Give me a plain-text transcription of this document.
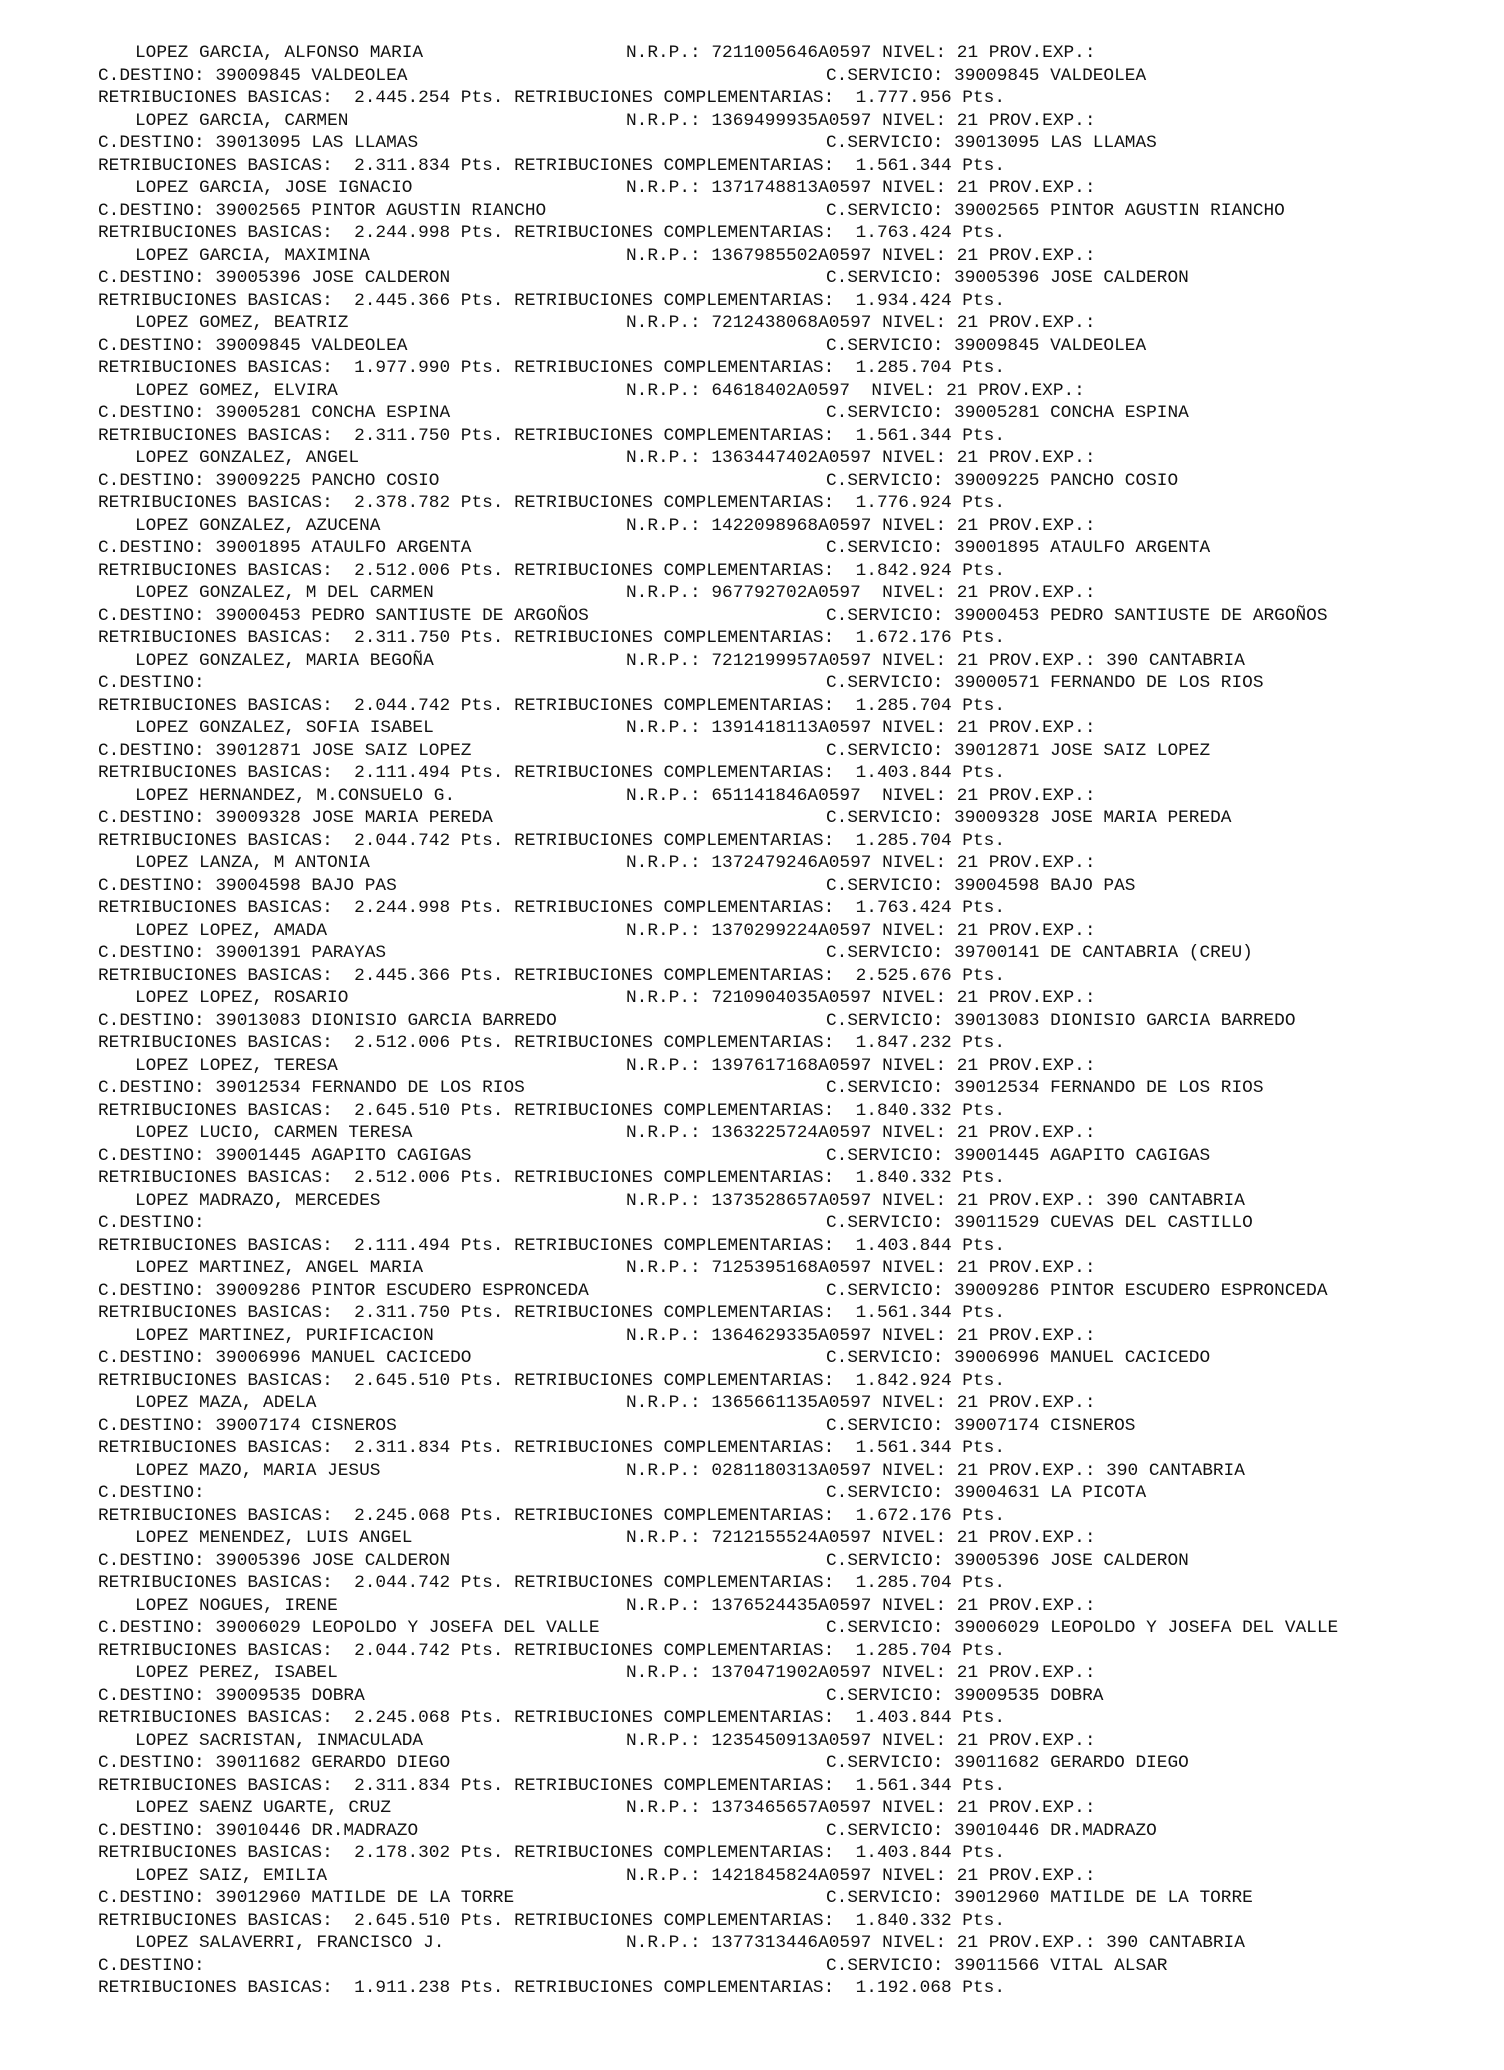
LOPEZ GARCIA, ALFONSO MARIA	N.R.P.: 7211005646A0597 NIVEL: 21 PROV.EXP.:
C.DESTINO: 39009845 VALDEOLEA	C.SERVICIO: 39009845 VALDEOLEA
RETRIBUCIONES BASICAS:  2.445.254 Pts. RETRIBUCIONES COMPLEMENTARIAS:  1.777.956 Pts.
LOPEZ GARCIA, CARMEN	N.R.P.: 1369499935A0597 NIVEL: 21 PROV.EXP.:
C.DESTINO: 39013095 LAS LLAMAS	C.SERVICIO: 39013095 LAS LLAMAS
RETRIBUCIONES BASICAS:  2.311.834 Pts. RETRIBUCIONES COMPLEMENTARIAS:  1.561.344 Pts.
LOPEZ GARCIA, JOSE IGNACIO	N.R.P.: 1371748813A0597 NIVEL: 21 PROV.EXP.:
C.DESTINO: 39002565 PINTOR AGUSTIN RIANCHO	C.SERVICIO: 39002565 PINTOR AGUSTIN RIANCHO
RETRIBUCIONES BASICAS:  2.244.998 Pts. RETRIBUCIONES COMPLEMENTARIAS:  1.763.424 Pts.
LOPEZ GARCIA, MAXIMINA	N.R.P.: 1367985502A0597 NIVEL: 21 PROV.EXP.:
C.DESTINO: 39005396 JOSE CALDERON	C.SERVICIO: 39005396 JOSE CALDERON
RETRIBUCIONES BASICAS:  2.445.366 Pts. RETRIBUCIONES COMPLEMENTARIAS:  1.934.424 Pts.
LOPEZ GOMEZ, BEATRIZ	N.R.P.: 7212438068A0597 NIVEL: 21 PROV.EXP.:
C.DESTINO: 39009845 VALDEOLEA	C.SERVICIO: 39009845 VALDEOLEA
RETRIBUCIONES BASICAS:  1.977.990 Pts. RETRIBUCIONES COMPLEMENTARIAS:  1.285.704 Pts.
LOPEZ GOMEZ, ELVIRA	N.R.P.: 64618402A0597  NIVEL: 21 PROV.EXP.:
C.DESTINO: 39005281 CONCHA ESPINA	C.SERVICIO: 39005281 CONCHA ESPINA
RETRIBUCIONES BASICAS:  2.311.750 Pts. RETRIBUCIONES COMPLEMENTARIAS:  1.561.344 Pts.
LOPEZ GONZALEZ, ANGEL	N.R.P.: 1363447402A0597 NIVEL: 21 PROV.EXP.:
C.DESTINO: 39009225 PANCHO COSIO	C.SERVICIO: 39009225 PANCHO COSIO
RETRIBUCIONES BASICAS:  2.378.782 Pts. RETRIBUCIONES COMPLEMENTARIAS:  1.776.924 Pts.
LOPEZ GONZALEZ, AZUCENA	N.R.P.: 1422098968A0597 NIVEL: 21 PROV.EXP.:
C.DESTINO: 39001895 ATAULFO ARGENTA	C.SERVICIO: 39001895 ATAULFO ARGENTA
RETRIBUCIONES BASICAS:  2.512.006 Pts. RETRIBUCIONES COMPLEMENTARIAS:  1.842.924 Pts.
LOPEZ GONZALEZ, M DEL CARMEN	N.R.P.: 967792702A0597  NIVEL: 21 PROV.EXP.:
C.DESTINO: 39000453 PEDRO SANTIUSTE DE ARGOÑOS	C.SERVICIO: 39000453 PEDRO SANTIUSTE DE ARGOÑOS
RETRIBUCIONES BASICAS:  2.311.750 Pts. RETRIBUCIONES COMPLEMENTARIAS:  1.672.176 Pts.
LOPEZ GONZALEZ, MARIA BEGOÑA	N.R.P.: 7212199957A0597 NIVEL: 21 PROV.EXP.: 390 CANTABRIA
C.DESTINO:	C.SERVICIO: 39000571 FERNANDO DE LOS RIOS
RETRIBUCIONES BASICAS:  2.044.742 Pts. RETRIBUCIONES COMPLEMENTARIAS:  1.285.704 Pts.
LOPEZ GONZALEZ, SOFIA ISABEL	N.R.P.: 1391418113A0597 NIVEL: 21 PROV.EXP.:
C.DESTINO: 39012871 JOSE SAIZ LOPEZ	C.SERVICIO: 39012871 JOSE SAIZ LOPEZ
RETRIBUCIONES BASICAS:  2.111.494 Pts. RETRIBUCIONES COMPLEMENTARIAS:  1.403.844 Pts.
LOPEZ HERNANDEZ, M.CONSUELO G.	N.R.P.: 651141846A0597  NIVEL: 21 PROV.EXP.:
C.DESTINO: 39009328 JOSE MARIA PEREDA	C.SERVICIO: 39009328 JOSE MARIA PEREDA
RETRIBUCIONES BASICAS:  2.044.742 Pts. RETRIBUCIONES COMPLEMENTARIAS:  1.285.704 Pts.
LOPEZ LANZA, M ANTONIA	N.R.P.: 1372479246A0597 NIVEL: 21 PROV.EXP.:
C.DESTINO: 39004598 BAJO PAS	C.SERVICIO: 39004598 BAJO PAS
RETRIBUCIONES BASICAS:  2.244.998 Pts. RETRIBUCIONES COMPLEMENTARIAS:  1.763.424 Pts.
LOPEZ LOPEZ, AMADA	N.R.P.: 1370299224A0597 NIVEL: 21 PROV.EXP.:
C.DESTINO: 39001391 PARAYAS	C.SERVICIO: 39700141 DE CANTABRIA (CREU)
RETRIBUCIONES BASICAS:  2.445.366 Pts. RETRIBUCIONES COMPLEMENTARIAS:  2.525.676 Pts.
LOPEZ LOPEZ, ROSARIO	N.R.P.: 7210904035A0597 NIVEL: 21 PROV.EXP.:
C.DESTINO: 39013083 DIONISIO GARCIA BARREDO	C.SERVICIO: 39013083 DIONISIO GARCIA BARREDO
RETRIBUCIONES BASICAS:  2.512.006 Pts. RETRIBUCIONES COMPLEMENTARIAS:  1.847.232 Pts.
LOPEZ LOPEZ, TERESA	N.R.P.: 1397617168A0597 NIVEL: 21 PROV.EXP.:
C.DESTINO: 39012534 FERNANDO DE LOS RIOS	C.SERVICIO: 39012534 FERNANDO DE LOS RIOS
RETRIBUCIONES BASICAS:  2.645.510 Pts. RETRIBUCIONES COMPLEMENTARIAS:  1.840.332 Pts.
LOPEZ LUCIO, CARMEN TERESA	N.R.P.: 1363225724A0597 NIVEL: 21 PROV.EXP.:
C.DESTINO: 39001445 AGAPITO CAGIGAS	C.SERVICIO: 39001445 AGAPITO CAGIGAS
RETRIBUCIONES BASICAS:  2.512.006 Pts. RETRIBUCIONES COMPLEMENTARIAS:  1.840.332 Pts.
LOPEZ MADRAZO, MERCEDES	N.R.P.: 1373528657A0597 NIVEL: 21 PROV.EXP.: 390 CANTABRIA
C.DESTINO:	C.SERVICIO: 39011529 CUEVAS DEL CASTILLO
RETRIBUCIONES BASICAS:  2.111.494 Pts. RETRIBUCIONES COMPLEMENTARIAS:  1.403.844 Pts.
LOPEZ MARTINEZ, ANGEL MARIA	N.R.P.: 7125395168A0597 NIVEL: 21 PROV.EXP.:
C.DESTINO: 39009286 PINTOR ESCUDERO ESPRONCEDA	C.SERVICIO: 39009286 PINTOR ESCUDERO ESPRONCEDA
RETRIBUCIONES BASICAS:  2.311.750 Pts. RETRIBUCIONES COMPLEMENTARIAS:  1.561.344 Pts.
LOPEZ MARTINEZ, PURIFICACION	N.R.P.: 1364629335A0597 NIVEL: 21 PROV.EXP.:
C.DESTINO: 39006996 MANUEL CACICEDO	C.SERVICIO: 39006996 MANUEL CACICEDO
RETRIBUCIONES BASICAS:  2.645.510 Pts. RETRIBUCIONES COMPLEMENTARIAS:  1.842.924 Pts.
LOPEZ MAZA, ADELA	N.R.P.: 1365661135A0597 NIVEL: 21 PROV.EXP.:
C.DESTINO: 39007174 CISNEROS	C.SERVICIO: 39007174 CISNEROS
RETRIBUCIONES BASICAS:  2.311.834 Pts. RETRIBUCIONES COMPLEMENTARIAS:  1.561.344 Pts.
LOPEZ MAZO, MARIA JESUS	N.R.P.: 0281180313A0597 NIVEL: 21 PROV.EXP.: 390 CANTABRIA
C.DESTINO:	C.SERVICIO: 39004631 LA PICOTA
RETRIBUCIONES BASICAS:  2.245.068 Pts. RETRIBUCIONES COMPLEMENTARIAS:  1.672.176 Pts.
LOPEZ MENENDEZ, LUIS ANGEL	N.R.P.: 7212155524A0597 NIVEL: 21 PROV.EXP.:
C.DESTINO: 39005396 JOSE CALDERON	C.SERVICIO: 39005396 JOSE CALDERON
RETRIBUCIONES BASICAS:  2.044.742 Pts. RETRIBUCIONES COMPLEMENTARIAS:  1.285.704 Pts.
LOPEZ NOGUES, IRENE	N.R.P.: 1376524435A0597 NIVEL: 21 PROV.EXP.:
C.DESTINO: 39006029 LEOPOLDO Y JOSEFA DEL VALLE	C.SERVICIO: 39006029 LEOPOLDO Y JOSEFA DEL VALLE
RETRIBUCIONES BASICAS:  2.044.742 Pts. RETRIBUCIONES COMPLEMENTARIAS:  1.285.704 Pts.
LOPEZ PEREZ, ISABEL	N.R.P.: 1370471902A0597 NIVEL: 21 PROV.EXP.:
C.DESTINO: 39009535 DOBRA	C.SERVICIO: 39009535 DOBRA
RETRIBUCIONES BASICAS:  2.245.068 Pts. RETRIBUCIONES COMPLEMENTARIAS:  1.403.844 Pts.
LOPEZ SACRISTAN, INMACULADA	N.R.P.: 1235450913A0597 NIVEL: 21 PROV.EXP.:
C.DESTINO: 39011682 GERARDO DIEGO	C.SERVICIO: 39011682 GERARDO DIEGO
RETRIBUCIONES BASICAS:  2.311.834 Pts. RETRIBUCIONES COMPLEMENTARIAS:  1.561.344 Pts.
LOPEZ SAENZ UGARTE, CRUZ	N.R.P.: 1373465657A0597 NIVEL: 21 PROV.EXP.:
C.DESTINO: 39010446 DR.MADRAZO	C.SERVICIO: 39010446 DR.MADRAZO
RETRIBUCIONES BASICAS:  2.178.302 Pts. RETRIBUCIONES COMPLEMENTARIAS:  1.403.844 Pts.
LOPEZ SAIZ, EMILIA	N.R.P.: 1421845824A0597 NIVEL: 21 PROV.EXP.:
C.DESTINO: 39012960 MATILDE DE LA TORRE	C.SERVICIO: 39012960 MATILDE DE LA TORRE
RETRIBUCIONES BASICAS:  2.645.510 Pts. RETRIBUCIONES COMPLEMENTARIAS:  1.840.332 Pts.
LOPEZ SALAVERRI, FRANCISCO J.	N.R.P.: 1377313446A0597 NIVEL: 21 PROV.EXP.: 390 CANTABRIA
C.DESTINO:	C.SERVICIO: 39011566 VITAL ALSAR
RETRIBUCIONES BASICAS:  1.911.238 Pts. RETRIBUCIONES COMPLEMENTARIAS:  1.192.068 Pts.
